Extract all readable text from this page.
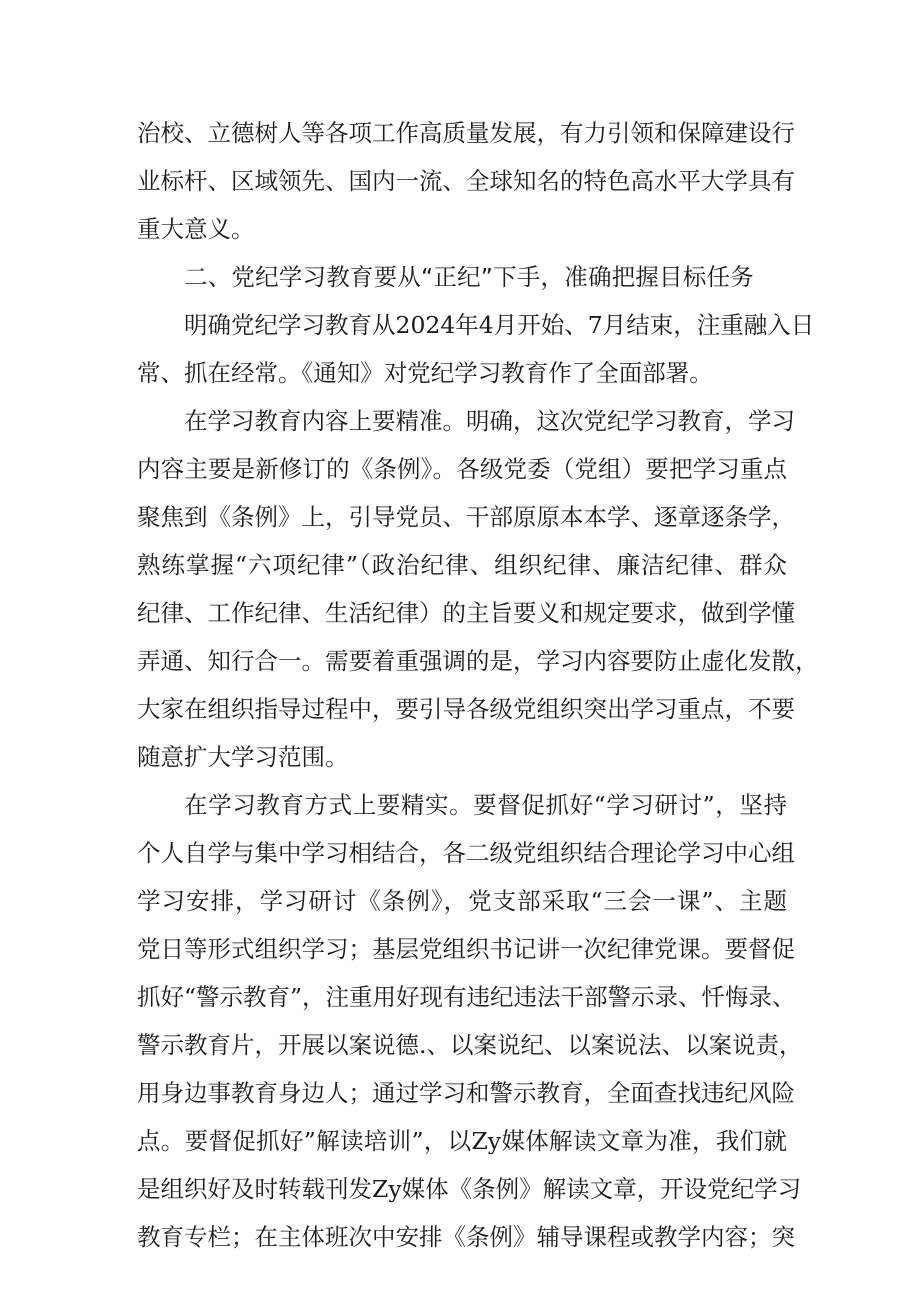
治校、立德树人等各项工作高质量发展，有力引领和保障建设行
业标杆、区域领先、国内一流、全球知名的特色高水平大学具有
重大意义。
二、党纪学习教育要从“正纪”下手，准确把握目标任务
明确党纪学习教育从2024年4月开始、7月结束，注重融入日
常、抓在经常。《通知》对党纪学习教育作了全面部署。
在学习教育内容上要精准。明确，这次党纪学习教育，学习
内容主要是新修订的《条例》。各级党委（党组）要把学习重点
聚焦到《条例》上，引导党员、干部原原本本学、逐章逐条学，
熟练掌握“六项纪律”（政治纪律、组织纪律、廉洁纪律、群众
纪律、工作纪律、生活纪律）的主旨要义和规定要求，做到学懂
弄通、知行合一。需要着重强调的是，学习内容要防止虚化发散，
大家在组织指导过程中，要引导各级党组织突出学习重点，不要
随意扩大学习范围。
在学习教育方式上要精实。要督促抓好“学习研讨”，坚持
个人自学与集中学习相结合，各二级党组织结合理论学习中心组
学习安排，学习研讨《条例》，党支部采取“三会一课”、主题
党日等形式组织学习；基层党组织书记讲一次纪律党课。要督促
抓好“警示教育”，注重用好现有违纪违法干部警示录、忏悔录、
警示教育片，开展以案说德.、以案说纪、以案说法、以案说责，
用身边事教育身边人；通过学习和警示教育，全面查找违纪风险
点。要督促抓好”解读培训”，以Zy媒体解读文章为准，我们就
是组织好及时转载刊发Zy媒体《条例》解读文章，开设党纪学习
教育专栏；在主体班次中安排《条例》辅导课程或教学内容；突
